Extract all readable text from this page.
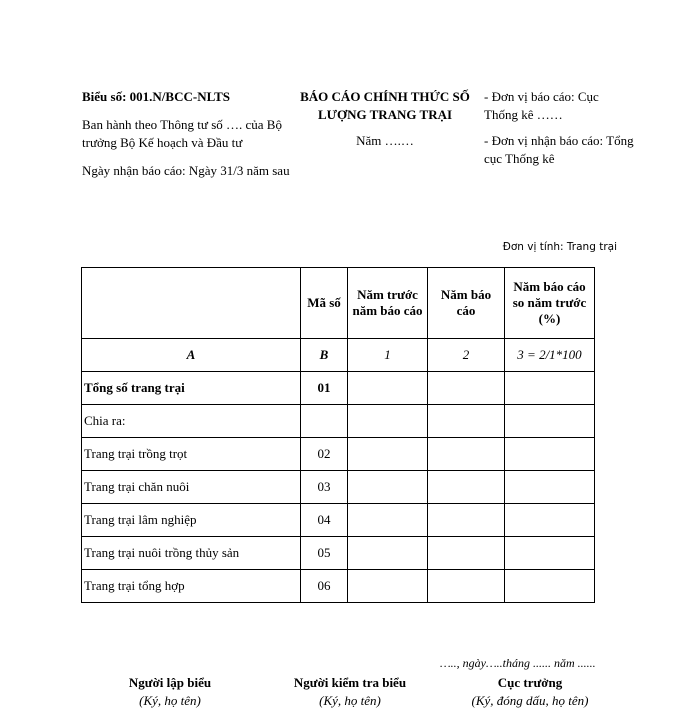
Biểu số: 001.N/BCC-NLTS
Ban hành theo Thông tư số …. của Bộ trưởng Bộ Kế hoạch và Đầu tư
Ngày nhận báo cáo: Ngày 31/3 năm sau
BÁO CÁO CHÍNH THỨC SỐ LƯỢNG TRANG TRẠI
Năm ….…
- Đơn vị báo cáo: Cục Thống kê ……
- Đơn vị nhận báo cáo: Tổng cục Thống kê
Đơn vị tính: Trang trại
	Mã số	Năm trước năm báo cáo	Năm báo cáo	Năm báo cáo so năm trước (%)
A	B	1	2	3 = 2/1*100
Tổng số trang trại	01			
Chia ra:				
Trang trại trồng trọt	02			
Trang trại chăn nuôi	03			
Trang trại lâm nghiệp	04			
Trang trại nuôi trồng thủy sản	05			
Trang trại tổng hợp	06			
….., ngày…..tháng ...... năm ......
Người lập biểu
(Ký, họ tên)
Người kiểm tra biểu
(Ký, họ tên)
Cục trưởng
(Ký, đóng dấu, họ tên)
